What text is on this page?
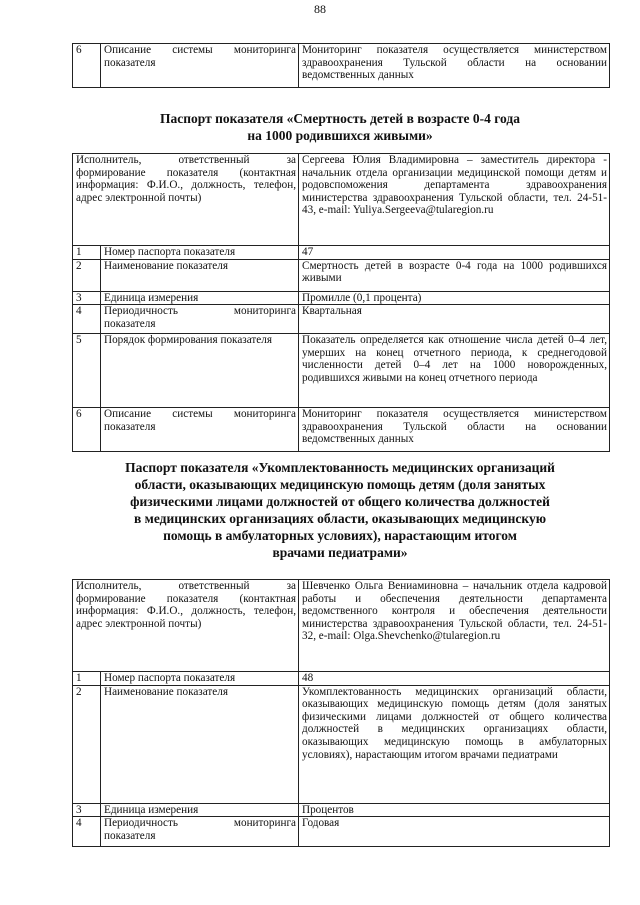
88
6	Описание системы мониторинга показателя	Мониторинг показателя осуществляется министерством здравоохранения Тульской области на основании ведомственных данных
Паспорт показателя «Смертность детей в возрасте 0-4 года
на 1000 родившихся живыми»
Исполнитель, ответственный за формирование показателя (контактная информация: Ф.И.О., должность, телефон, адрес электронной почты)		Сергеева Юлия Владимировна – заместитель директора - начальник отдела организации медицинской помощи детям и родовспоможения департамента здравоохранения министерства здравоохранения Тульской области, тел. 24-51-43, e-mail: Yuliya.Sergeeva@tularegion.ru
1	Номер паспорта показателя	47
2	Наименование показателя	Смертность детей в возрасте 0-4 года на 1000 родившихся живыми
3	Единица измерения	Промилле (0,1 процента)
4	Периодичность мониторинга показателя	Квартальная
5	Порядок формирования показателя	Показатель определяется как отношение числа детей 0–4 лет, умерших на конец отчетного периода, к среднегодовой численности детей 0–4 лет на 1000 новорожденных, родившихся живыми на конец отчетного периода
6	Описание системы мониторинга показателя	Мониторинг показателя осуществляется министерством здравоохранения Тульской области на основании ведомственных данных
Паспорт показателя «Укомплектованность медицинских организаций
области, оказывающих медицинскую помощь детям (доля занятых
физическими лицами должностей от общего количества должностей
в медицинских организациях области, оказывающих медицинскую
помощь в амбулаторных условиях), нарастающим итогом
врачами педиатрами»
Исполнитель, ответственный за формирование показателя (контактная информация: Ф.И.О., должность, телефон, адрес электронной почты)		Шевченко Ольга Вениаминовна – начальник отдела кадровой работы и обеспечения деятельности департамента ведомственного контроля и обеспечения деятельности министерства здравоохранения Тульской области, тел. 24-51-32, e-mail: Olga.Shevchenko@tularegion.ru
1	Номер паспорта показателя	48
2	Наименование показателя	Укомплектованность медицинских организаций области, оказывающих медицинскую помощь детям (доля занятых физическими лицами должностей от общего количества должностей в медицинских организациях области, оказывающих медицинскую помощь в амбулаторных условиях), нарастающим итогом врачами педиатрами
3	Единица измерения	Процентов
4	Периодичность мониторинга показателя	Годовая
